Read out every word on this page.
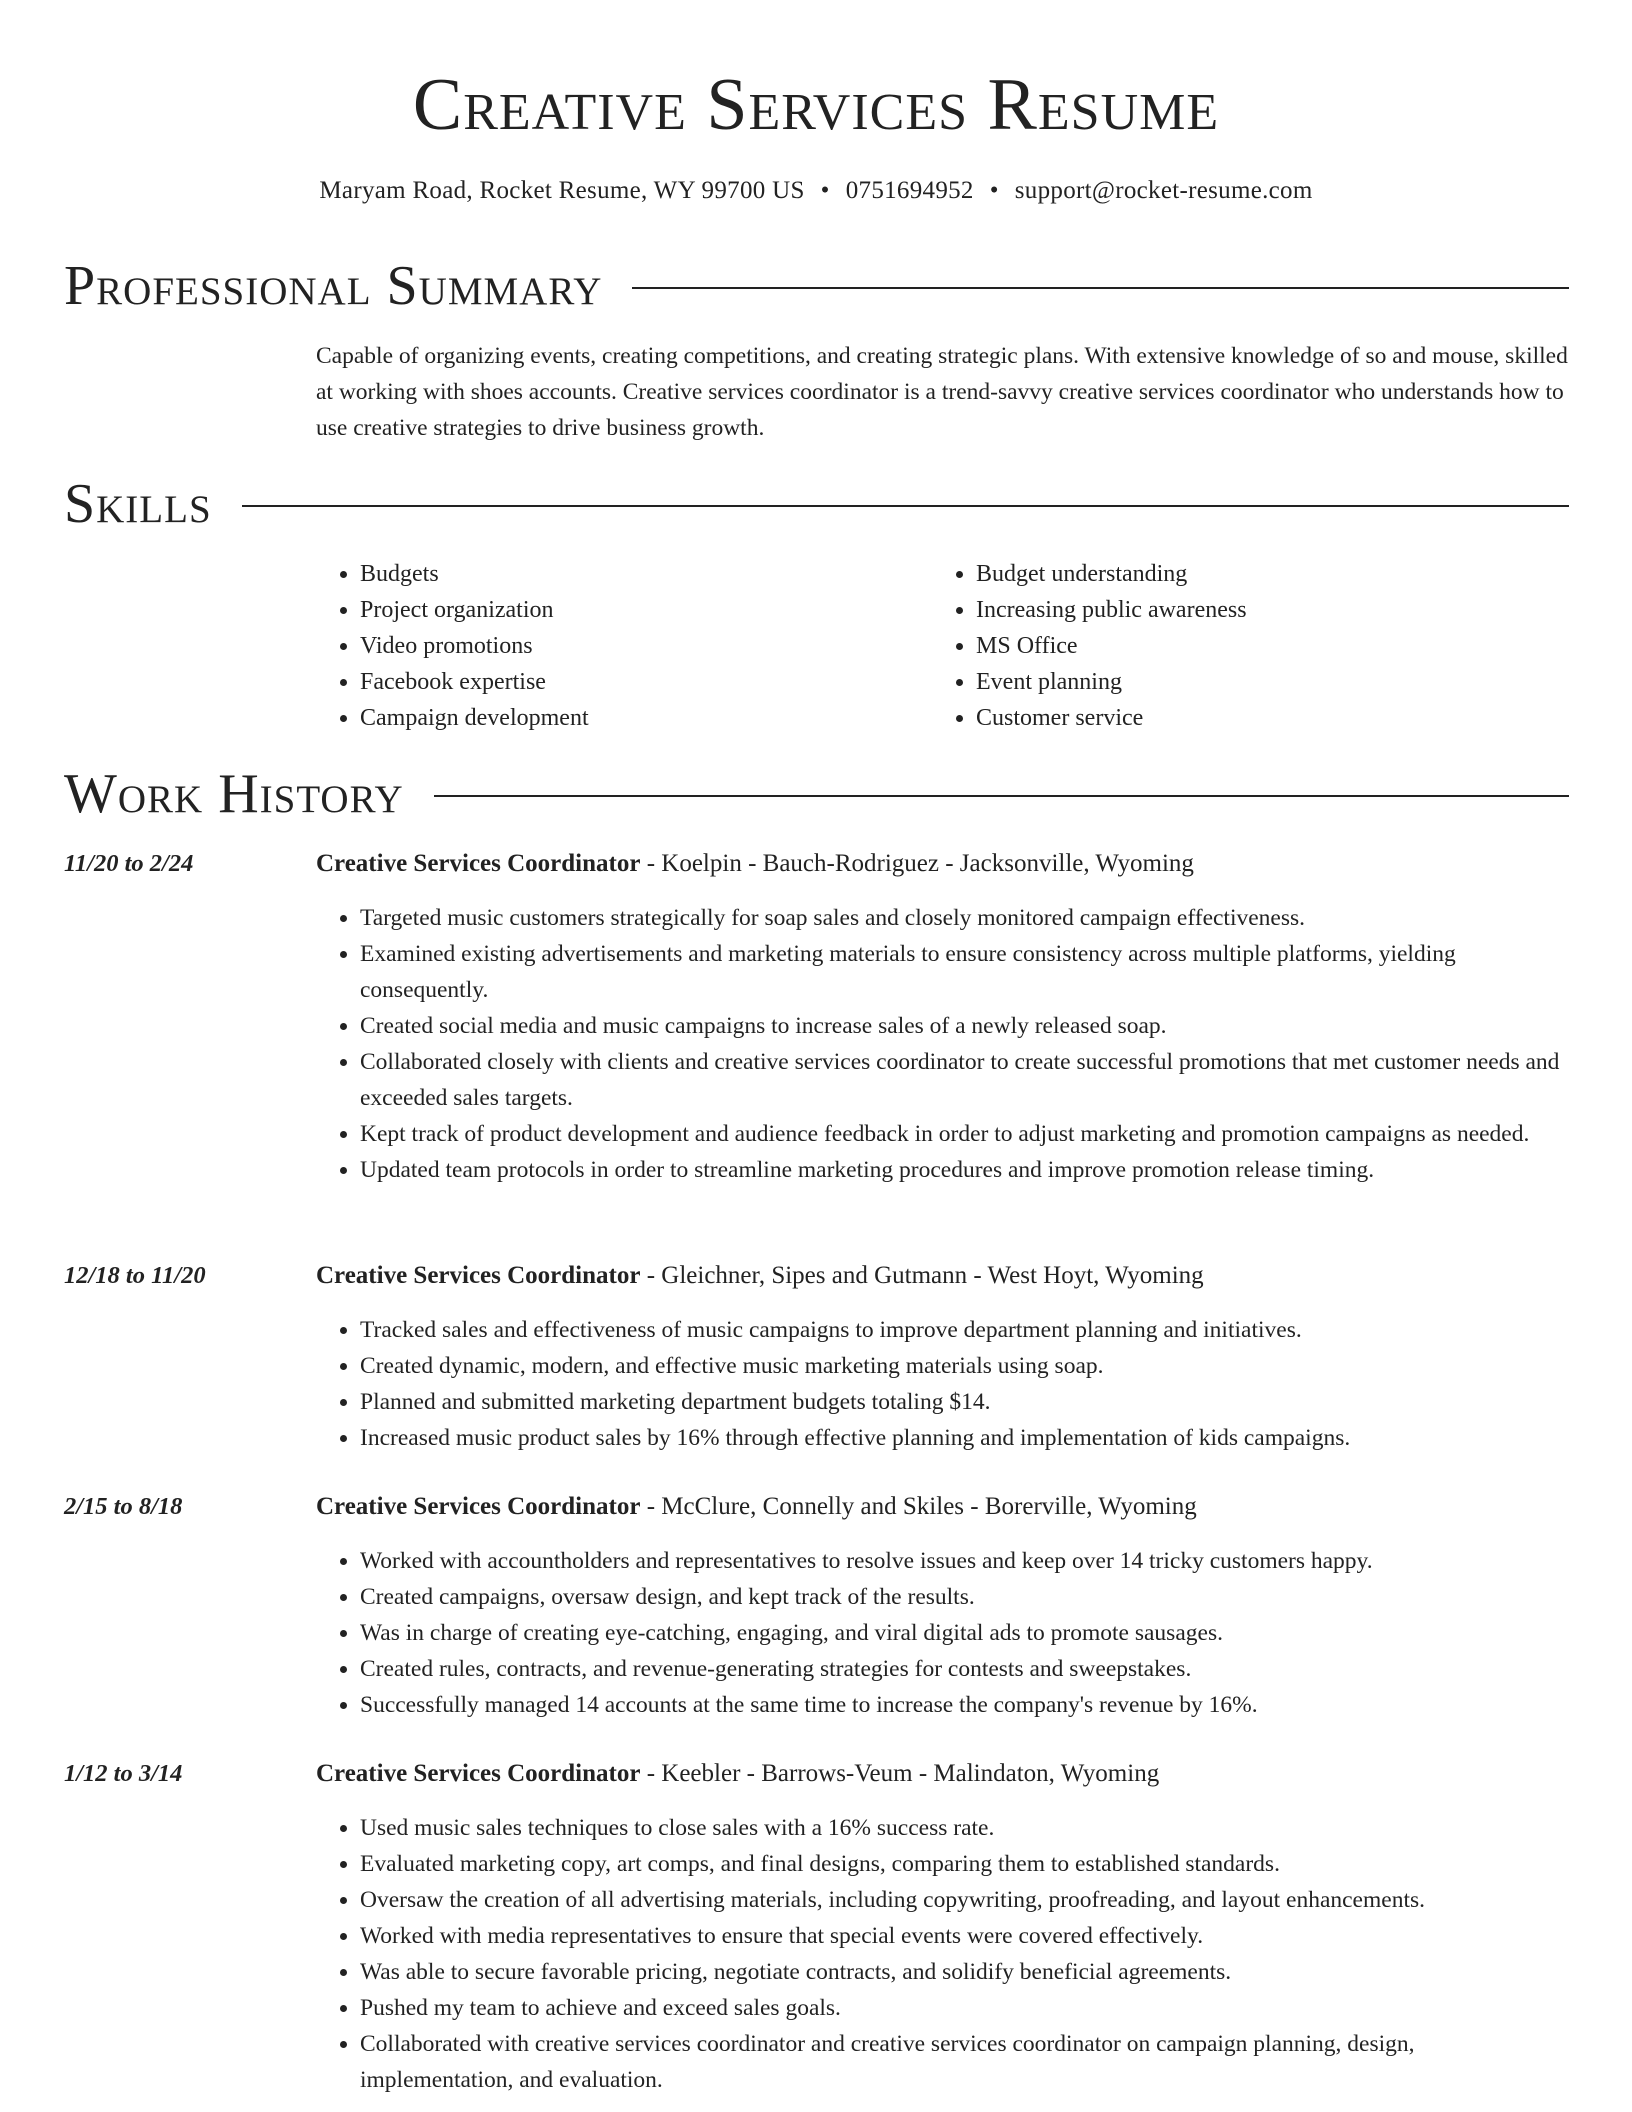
Creative Services Resume
Maryam Road, Rocket Resume, WY 99700 US • 0751694952 • support@rocket-resume.com
Professional Summary

Capable of organizing events, creating competitions, and creating strategic plans. With extensive knowledge of so and mouse, skilled at working with shoes accounts. Creative services coordinator is a trend-savvy creative services coordinator who understands how to use creative strategies to drive business growth.

Skills
• Budgets
• Project organization
• Video promotions
• Facebook expertise
• Campaign development
• Budget understanding
• Increasing public awareness
• MS Office
• Event planning
• Customer service
Work History
11/20 to 2/24	Creative Services Coordinator - Koelpin - Bauch-Rodriguez - Jacksonville, Wyoming
• Targeted music customers strategically for soap sales and closely monitored campaign effectiveness.
• Examined existing advertisements and marketing materials to ensure consistency across multiple platforms, yielding consequently.
• Created social media and music campaigns to increase sales of a newly released soap.
• Collaborated closely with clients and creative services coordinator to create successful promotions that met customer needs and exceeded sales targets.
• Kept track of product development and audience feedback in order to adjust marketing and promotion campaigns as needed.
• Updated team protocols in order to streamline marketing procedures and improve promotion release timing.
12/18 to 11/20	Creative Services Coordinator - Gleichner, Sipes and Gutmann - West Hoyt, Wyoming
• Tracked sales and effectiveness of music campaigns to improve department planning and initiatives.
• Created dynamic, modern, and effective music marketing materials using soap.
• Planned and submitted marketing department budgets totaling $14.
• Increased music product sales by 16% through effective planning and implementation of kids campaigns.
2/15 to 8/18	Creative Services Coordinator - McClure, Connelly and Skiles - Borerville, Wyoming
• Worked with accountholders and representatives to resolve issues and keep over 14 tricky customers happy.
• Created campaigns, oversaw design, and kept track of the results.
• Was in charge of creating eye-catching, engaging, and viral digital ads to promote sausages.
• Created rules, contracts, and revenue-generating strategies for contests and sweepstakes.
• Successfully managed 14 accounts at the same time to increase the company's revenue by 16%.
1/12 to 3/14	Creative Services Coordinator - Keebler - Barrows-Veum - Malindaton, Wyoming
• Used music sales techniques to close sales with a 16% success rate.
• Evaluated marketing copy, art comps, and final designs, comparing them to established standards.
• Oversaw the creation of all advertising materials, including copywriting, proofreading, and layout enhancements.
• Worked with media representatives to ensure that special events were covered effectively.
• Was able to secure favorable pricing, negotiate contracts, and solidify beneficial agreements.
• Pushed my team to achieve and exceed sales goals.
• Collaborated with creative services coordinator and creative services coordinator on campaign planning, design, implementation, and evaluation.
